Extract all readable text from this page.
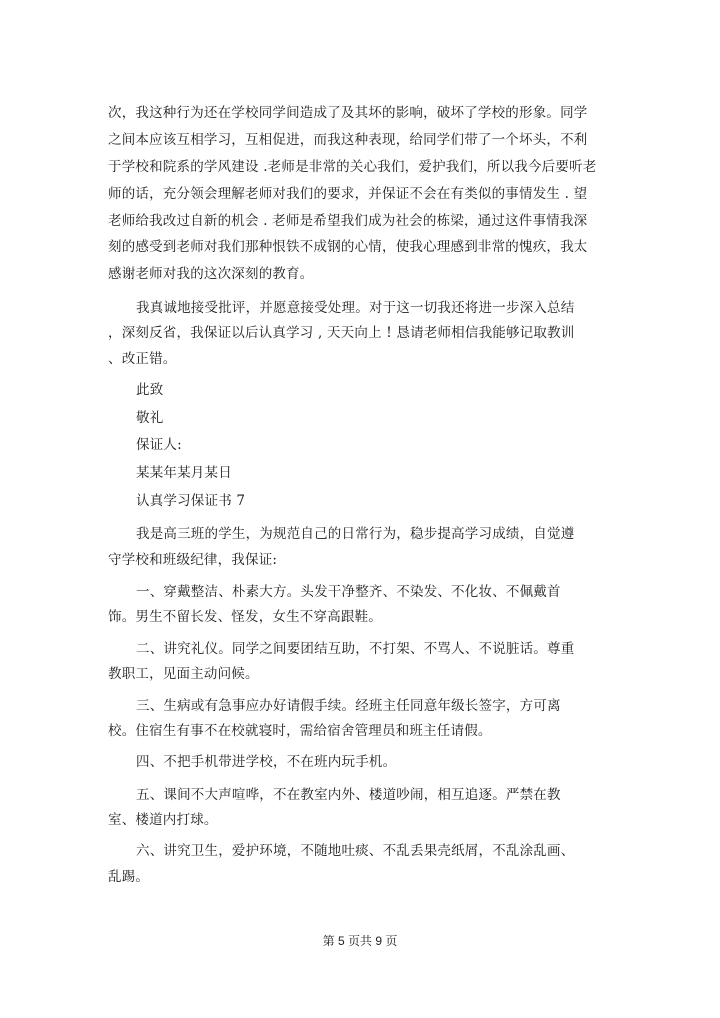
次，我这种行为还在学校同学间造成了及其坏的影响，破坏了学校的形象。同学
之间本应该互相学习，互相促进，而我这种表现，给同学们带了一个坏头，不利
于学校和院系的学风建设 .老师是非常的关心我们，爱护我们，所以我今后要听老
师的话，充分领会理解老师对我们的要求，并保证不会在有类似的事情发生 . 望
老师给我改过自新的机会 . 老师是希望我们成为社会的栋梁，通过这件事情我深
刻的感受到老师对我们那种恨铁不成钢的心情，使我心理感到非常的愧疚，我太
感谢老师对我的这次深刻的教育。
我真诚地接受批评，并愿意接受处理。对于这一切我还将进一步深入总结
，深刻反省，我保证以后认真学习 , 天天向上 ! 恳请老师相信我能够记取教训
、改正错。
此致
敬礼
保证人:
某某年某月某日
认真学习保证书 7
我是高三班的学生，为规范自己的日常行为，稳步提高学习成绩，自觉遵
守学校和班级纪律，我保证:
一、穿戴整洁、朴素大方。头发干净整齐、不染发、不化妆、不佩戴首
饰。男生不留长发、怪发，女生不穿高跟鞋。
二、讲究礼仪。同学之间要团结互助，不打架、不骂人、不说脏话。尊重
教职工，见面主动问候。
三、生病或有急事应办好请假手续。经班主任同意年级长签字，方可离
校。住宿生有事不在校就寝时，需给宿舍管理员和班主任请假。
四、不把手机带进学校，不在班内玩手机。
五、课间不大声喧哗，不在教室内外、楼道吵闹，相互追逐。严禁在教
室、楼道内打球。
六、讲究卫生，爱护环境，不随地吐痰、不乱丢果壳纸屑，不乱涂乱画、
乱踢。
第 5 页共 9 页
